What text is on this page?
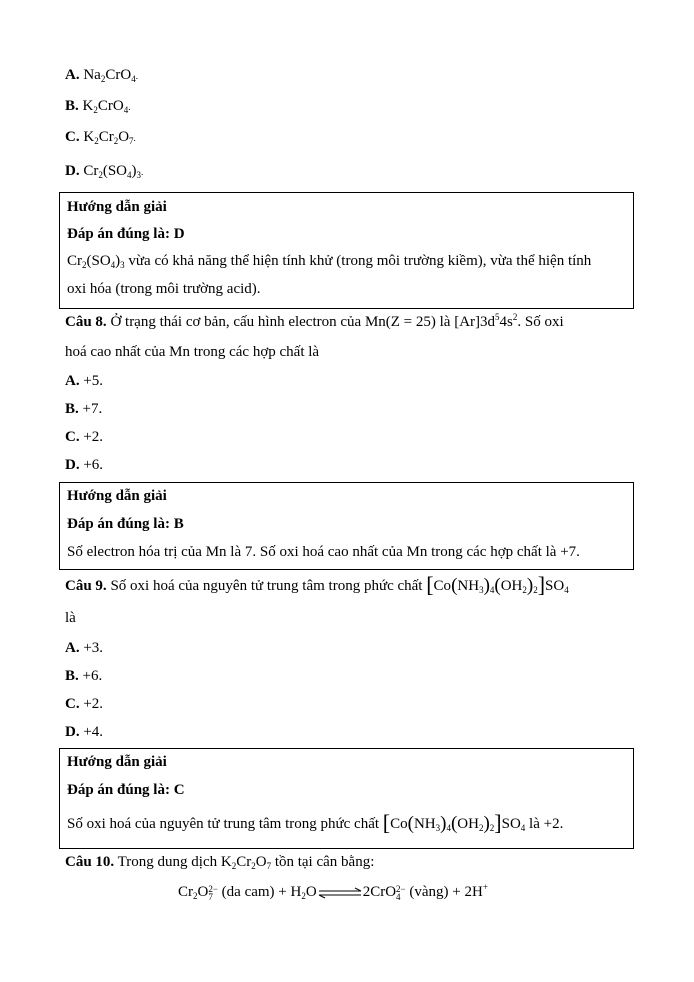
A. $Na_2CrO_4$.
B. $K_2CrO_4$.
C. $K_2Cr_2O_7$.
D. $Cr_2(SO_4)_3$.
Hướng dẫn giải
Đáp án đúng là: D
$Cr_2(SO_4)_3$ vừa có khả năng thể hiện tính khử (trong môi trường kiềm), vừa thể hiện tính
oxi hóa (trong môi trường acid).
Câu 8. Ở trạng thái cơ bản, cấu hình electron của Mn(Z = 25) là $[Ar]3d^54s^2$. Số oxi
hoá cao nhất của Mn trong các hợp chất là
A. +5.
B. +7.
C. +2.
D. +6.
Hướng dẫn giải
Đáp án đúng là: B
Số electron hóa trị của Mn là 7. Số oxi hoá cao nhất của Mn trong các hợp chất là +7.
Câu 9. Số oxi hoá của nguyên tử trung tâm trong phức chất $[Co(NH_3)_4(OH_2)_2]SO_4$
là
A. +3.
B. +6.
C. +2.
D. +4.
Hướng dẫn giải
Đáp án đúng là: C
Số oxi hoá của nguyên tử trung tâm trong phức chất $[Co(NH_3)_4(OH_2)_2]SO_4$ là +2.
Câu 10. Trong dung dịch $K_2Cr_2O_7$ tồn tại cân bằng:
$Cr_2O$ 2−
7 (da $cam) + H_2O\rightleftharpoons 2CrO$ 2−
4 (vàng) + 2H+
